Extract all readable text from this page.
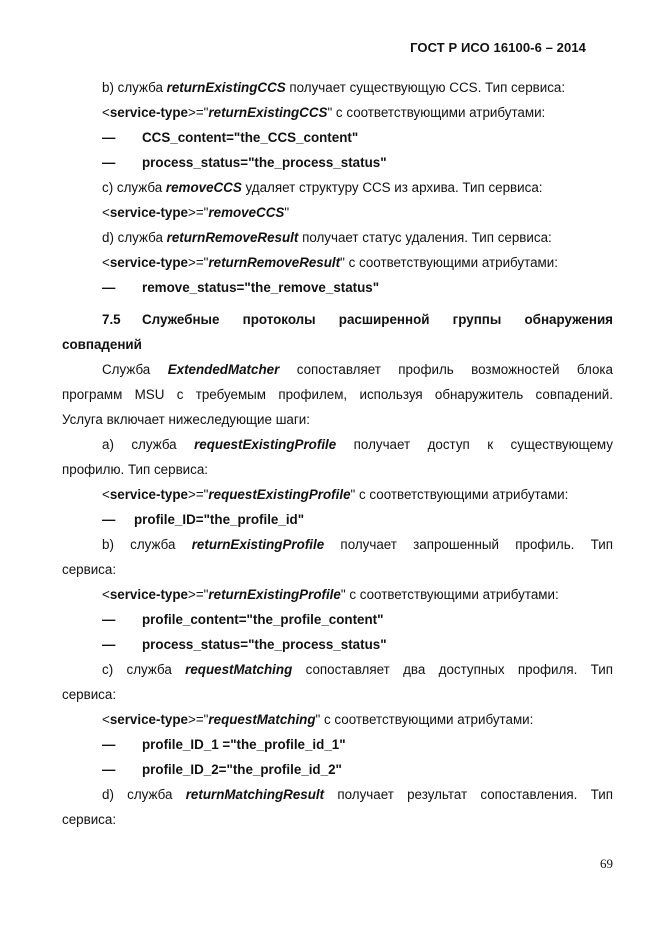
ГОСТ Р ИСО 16100-6 – 2014
b) служба returnExistingCCS получает существующую CCS. Тип сервиса:
<service-type>="returnExistingCCS" с соответствующими атрибутами:
— CCS_content="the_CCS_content"
— process_status="the_process_status"
c) служба removeCCS удаляет структуру CCS из архива. Тип сервиса:
<service-type>="removeCCS"
d) служба returnRemoveResult получает статус удаления. Тип сервиса:
<service-type>="returnRemoveResult" с соответствующими атрибутами:
— remove_status="the_remove_status"
7.5 Служебные протоколы расширенной группы обнаружения
совпадений
Служба ExtendedMatcher сопоставляет профиль возможностей блока
программ MSU с требуемым профилем, используя обнаружитель совпадений.
Услуга включает нижеследующие шаги:
a) служба requestExistingProfile получает доступ к существующему
профилю. Тип сервиса:
<service-type>="requestExistingProfile" с соответствующими атрибутами:
— profile_ID="the_profile_id"
b) служба returnExistingProfile получает запрошенный профиль. Тип
сервиса:
<service-type>="returnExistingProfile" с соответствующими атрибутами:
— profile_content="the_profile_content"
— process_status="the_process_status"
c) служба requestMatching сопоставляет два доступных профиля. Тип
сервиса:
<service-type>="requestMatching" с соответствующими атрибутами:
— profile_ID_1 ="the_profile_id_1"
— profile_ID_2="the_profile_id_2"
d) служба returnMatchingResult получает результат сопоставления. Тип
сервиса:
69
